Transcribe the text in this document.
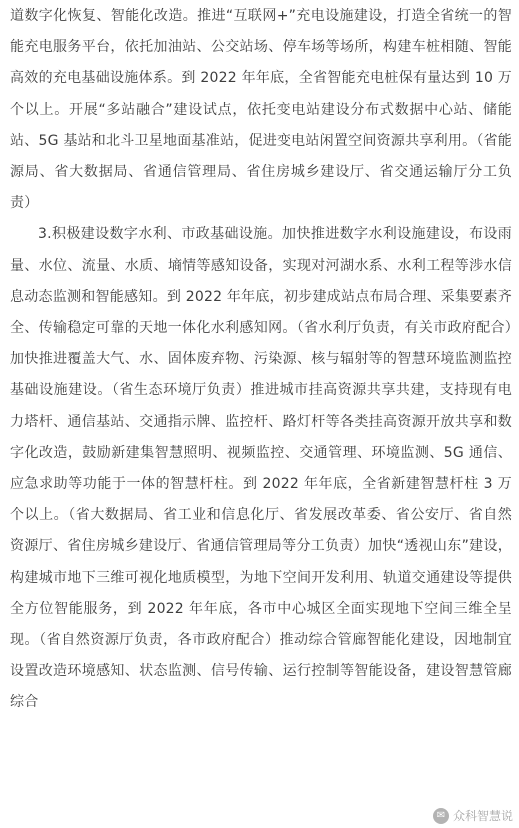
道数字化恢复、智能化改造。推进“互联网+”充电设施建设，打造全省统一的智能充电服务平台，依托加油站、公交站场、停车场等场所，构建车桩相随、智能高效的充电基础设施体系。到 2022 年年底，全省智能充电桩保有量达到 10 万个以上。开展“多站融合”建设试点，依托变电站建设分布式数据中心站、储能站、5G 基站和北斗卫星地面基准站，促进变电站闲置空间资源共享利用。（省能源局、省大数据局、省通信管理局、省住房城乡建设厅、省交通运输厅分工负责）

3.积极建设数字水利、市政基础设施。加快推进数字水利设施建设，布设雨量、水位、流量、水质、墒情等感知设备，实现对河湖水系、水利工程等涉水信息动态监测和智能感知。到 2022 年年底，初步建成站点布局合理、采集要素齐全、传输稳定可靠的天地一体化水利感知网。（省水利厅负责，有关市政府配合）加快推进覆盖大气、水、固体废弃物、污染源、核与辐射等的智慧环境监测监控基础设施建设。（省生态环境厅负责）推进城市挂高资源共享共建，支持现有电力塔杆、通信基站、交通指示牌、监控杆、路灯杆等各类挂高资源开放共享和数字化改造，鼓励新建集智慧照明、视频监控、交通管理、环境监测、5G 通信、应急求助等功能于一体的智慧杆柱。到 2022 年年底，全省新建智慧杆柱 3 万个以上。（省大数据局、省工业和信息化厅、省发展改革委、省公安厅、省自然资源厅、省住房城乡建设厅、省通信管理局等分工负责）加快“透视山东”建设，构建城市地下三维可视化地质模型，为地下空间开发利用、轨道交通建设等提供全方位智能服务，到 2022 年年底，各市中心城区全面实现地下空间三维全呈现。（省自然资源厅负责，各市政府配合）推动综合管廊智能化建设，因地制宜设置改造环境感知、状态监测、信号传输、运行控制等智能设备，建设智慧管廊综合

✉ 众科智慧说
